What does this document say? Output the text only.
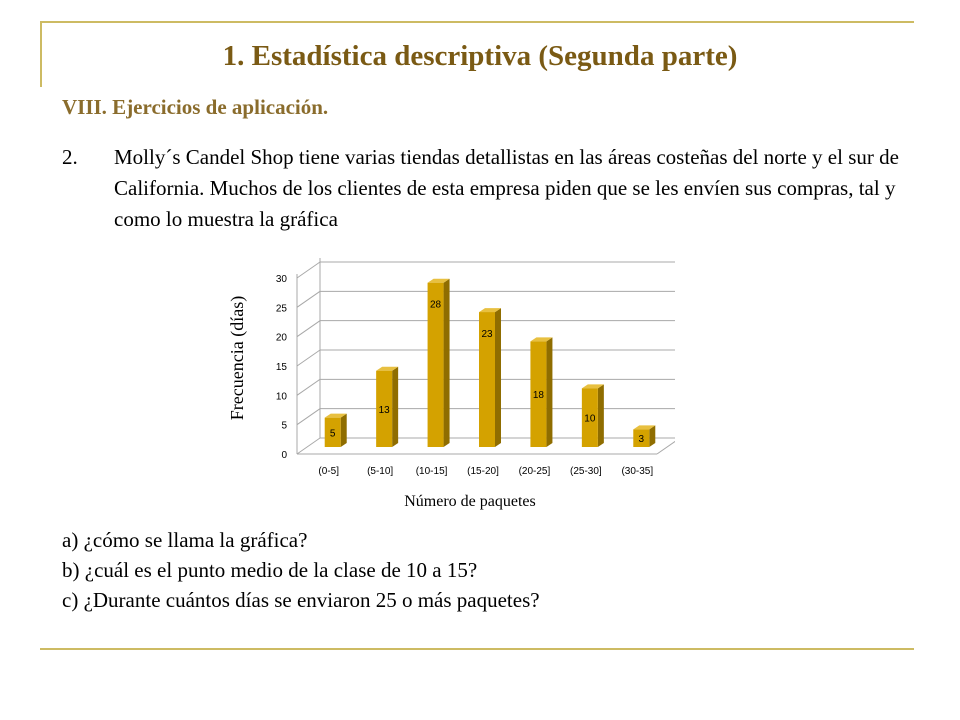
1. Estadística descriptiva (Segunda parte)
VIII. Ejercicios de aplicación.
2. Molly´s Candel Shop tiene varias tiendas detallistas en las áreas costeñas del norte y el sur de California. Muchos de los clientes de esta empresa piden que se les envíen sus compras, tal y como lo muestra la gráfica
0
5
10
15
20
25
30
5
13
28
23
18
10
3
(0-5]	(5-10] (10-15] (15-20] (20-25] (25-30] (30-35]
Frecuencia (días)
Número de paquetes
a) ¿cómo se llama la gráfica?
b) ¿cuál es el punto medio de la clase de 10 a 15?
c) ¿Durante cuántos días se enviaron 25 o más paquetes?
